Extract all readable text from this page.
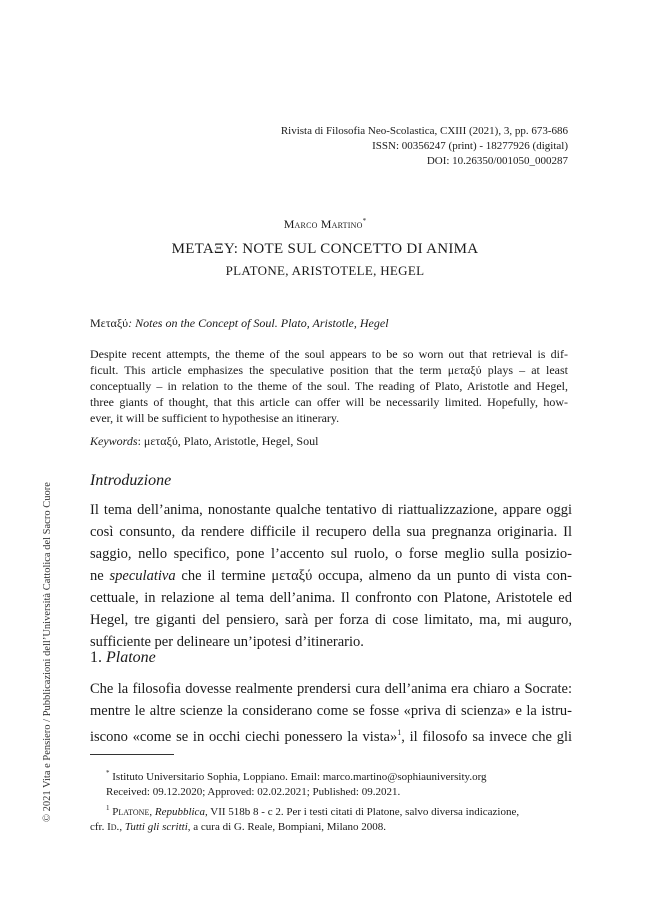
Rivista di Filosofia Neo-Scolastica, CXIII (2021), 3, pp. 673-686
ISSN: 00356247 (print) - 18277926 (digital)
DOI: 10.26350/001050_000287
Marco Martino*
ΜΕΤΑΞΥ: NOTE SUL CONCETTO DI ANIMA
PLATONE, ARISTOTELE, HEGEL
Μεταξύ: Notes on the Concept of Soul. Plato, Aristotle, Hegel
Despite recent attempts, the theme of the soul appears to be so worn out that retrieval is dif-
ficult. This article emphasizes the speculative position that the term μεταξύ plays – at least
conceptually – in relation to the theme of the soul. The reading of Plato, Aristotle and Hegel,
three giants of thought, that this article can offer will be necessarily limited. Hopefully, how-
ever, it will be sufficient to hypothesise an itinerary.
Keywords: μεταξύ, Plato, Aristotle, Hegel, Soul
Introduzione
Il tema dell’anima, nonostante qualche tentativo di riattualizzazione, appare oggi
così consunto, da rendere difficile il recupero della sua pregnanza originaria. Il
saggio, nello specifico, pone l’accento sul ruolo, o forse meglio sulla posizio-
ne speculativa che il termine μεταξύ occupa, almeno da un punto di vista con-
cettuale, in relazione al tema dell’anima. Il confronto con Platone, Aristotele ed
Hegel, tre giganti del pensiero, sarà per forza di cose limitato, ma, mi auguro,
sufficiente per delineare un’ipotesi d’itinerario.
1. Platone
Che la filosofia dovesse realmente prendersi cura dell’anima era chiaro a Socrate:
mentre le altre scienze la considerano come se fosse «priva di scienza» e la istru-
iscono «come se in occhi ciechi ponessero la vista»$^1$, il filosofo sa invece che gli
* Istituto Universitario Sophia, Loppiano. Email: marco.martino@sophiauniversity.org
Received: 09.12.2020; Approved: 02.02.2021; Published: 09.2021.
$^1$ Platone, Repubblica, VII 518b 8 - c 2. Per i testi citati di Platone, salvo diversa indicazione,
cfr. Id., Tutti gli scritti, a cura di G. Reale, Bompiani, Milano 2008.
© 2021 Vita e Pensiero / Pubblicazioni dell’Università Cattolica del Sacro Cuore
